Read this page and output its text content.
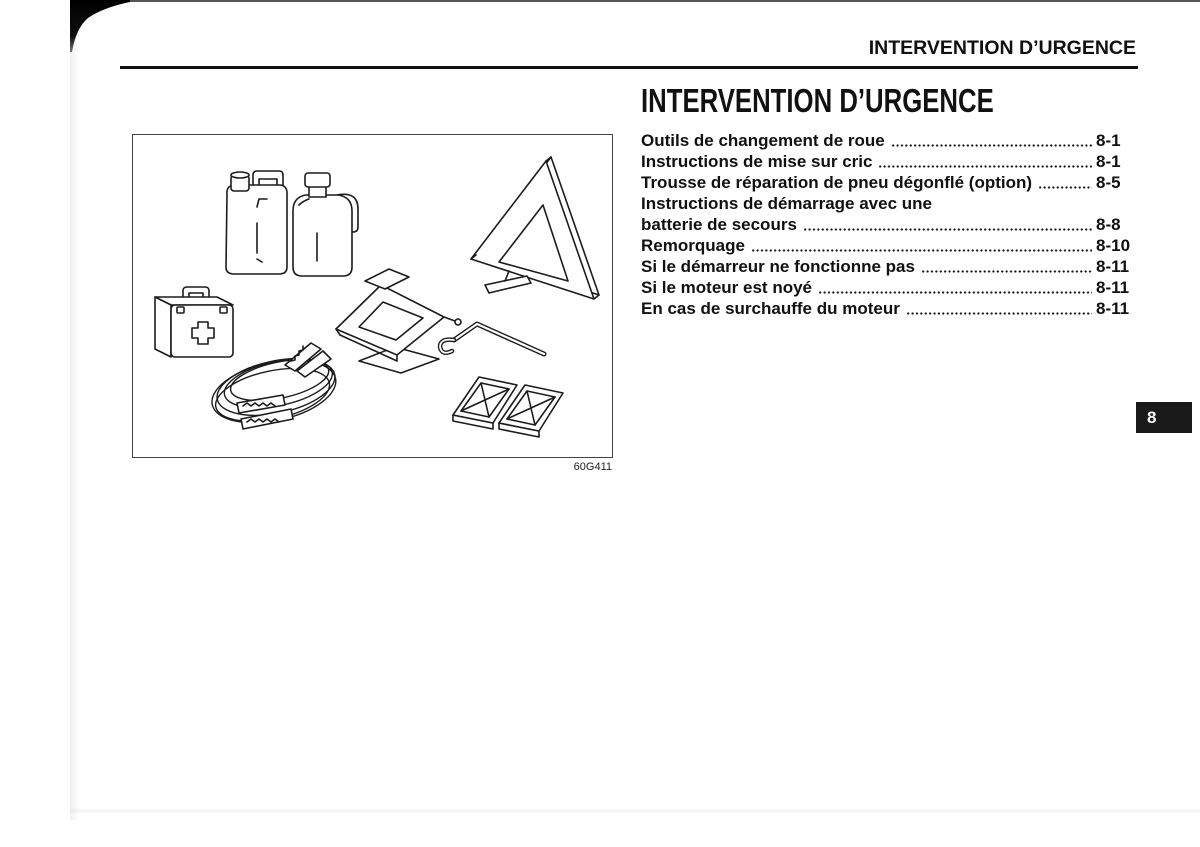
INTERVENTION D’URGENCE
INTERVENTION D’URGENCE
Outils de changement de roue	8-1
Instructions de mise sur cric	8-1
Trousse de réparation de pneu dégonflé (option)	8-5
Instructions de démarrage avec une
batterie de secours	8-8
Remorquage	8-10
Si le démarreur ne fonctionne pas	8-11
Si le moteur est noyé	8-11
En cas de surchauffe du moteur	8-11
60G411
8
